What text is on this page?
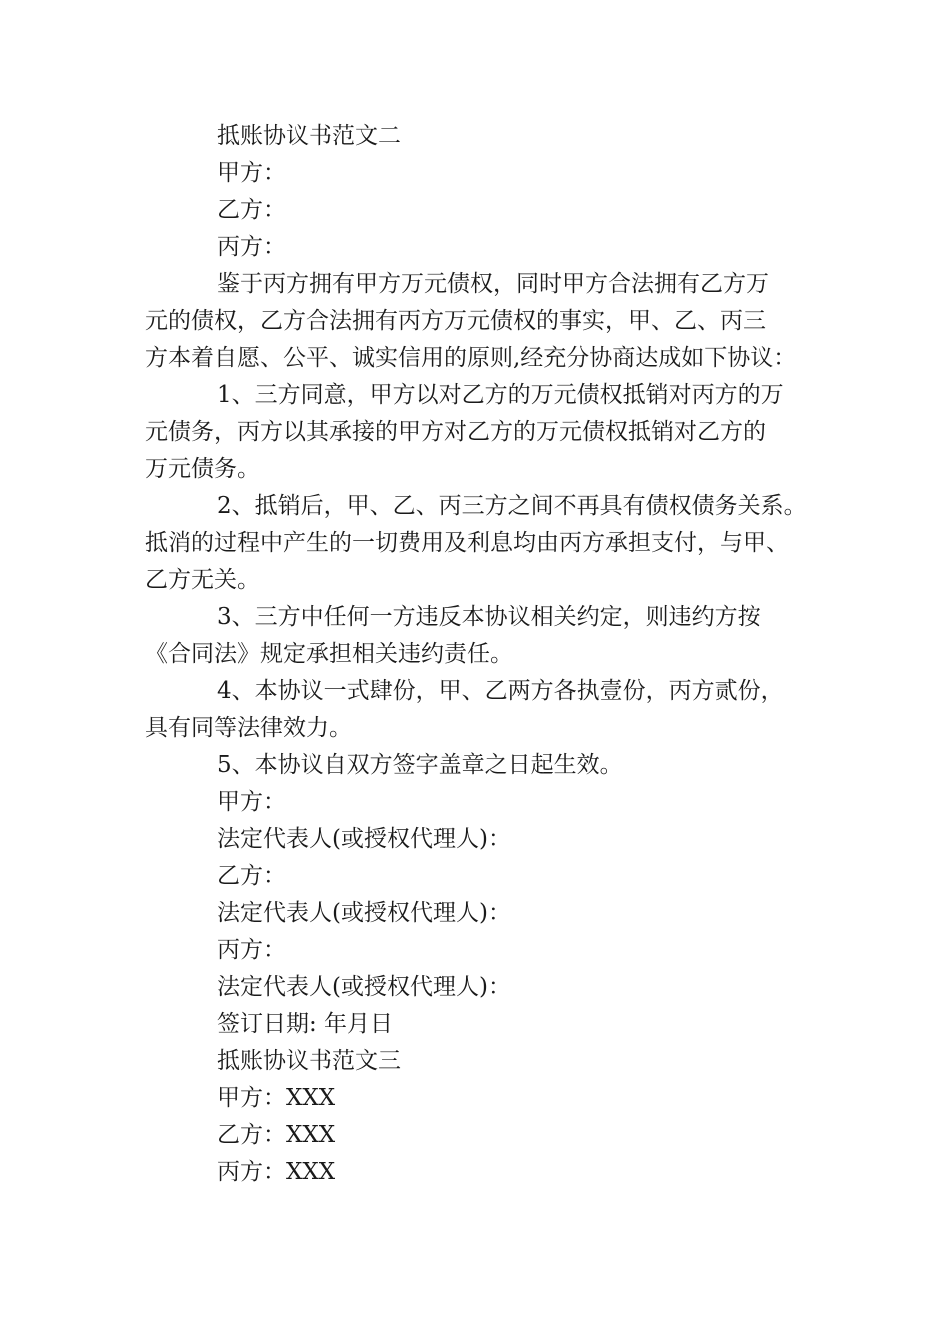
抵账协议书范文二
甲方：
乙方：
丙方：
鉴于丙方拥有甲方万元债权，同时甲方合法拥有乙方万
元的债权，乙方合法拥有丙方万元债权的事实，甲、乙、丙三
方本着自愿、公平、诚实信用的原则,经充分协商达成如下协议：
1、三方同意，甲方以对乙方的万元债权抵销对丙方的万
元债务，丙方以其承接的甲方对乙方的万元债权抵销对乙方的
万元债务。
2、抵销后，甲、乙、丙三方之间不再具有债权债务关系。
抵消的过程中产生的一切费用及利息均由丙方承担支付，与甲、
乙方无关。
3、三方中任何一方违反本协议相关约定，则违约方按
《合同法》规定承担相关违约责任。
4、本协议一式肆份，甲、乙两方各执壹份，丙方贰份，
具有同等法律效力。
5、本协议自双方签字盖章之日起生效。
甲方：
法定代表人(或授权代理人)：
乙方：
法定代表人(或授权代理人)：
丙方：
法定代表人(或授权代理人)：
签订日期: 年月日
抵账协议书范文三
甲方：XXX
乙方：XXX
丙方：XXX
